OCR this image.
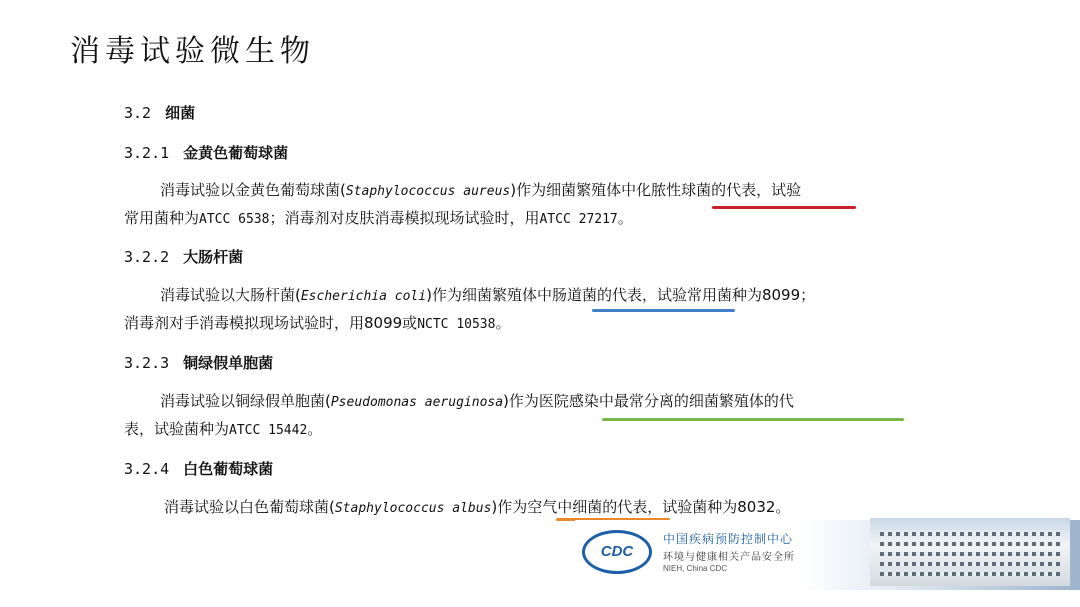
消毒试验微生物
3.2 细菌
3.2.1 金黄色葡萄球菌
消毒试验以金黄色葡萄球菌(Staphylococcus aureus)作为细菌繁殖体中化脓性球菌的代表，试验
常用菌种为ATCC 6538；消毒剂对皮肤消毒模拟现场试验时，用ATCC 27217。
3.2.2 大肠杆菌
消毒试验以大肠杆菌(Escherichia coli)作为细菌繁殖体中肠道菌的代表，试验常用菌种为8099；
消毒剂对手消毒模拟现场试验时，用8099或NCTC 10538。
3.2.3 铜绿假单胞菌
消毒试验以铜绿假单胞菌(Pseudomonas aeruginosa)作为医院感染中最常分离的细菌繁殖体的代
表，试验菌种为ATCC 15442。
3.2.4 白色葡萄球菌
消毒试验以白色葡萄球菌(Staphylococcus albus)作为空气中细菌的代表，试验菌种为8032。
CDC
中国疾病预防控制中心
环境与健康相关产品安全所
NIEH, China CDC
